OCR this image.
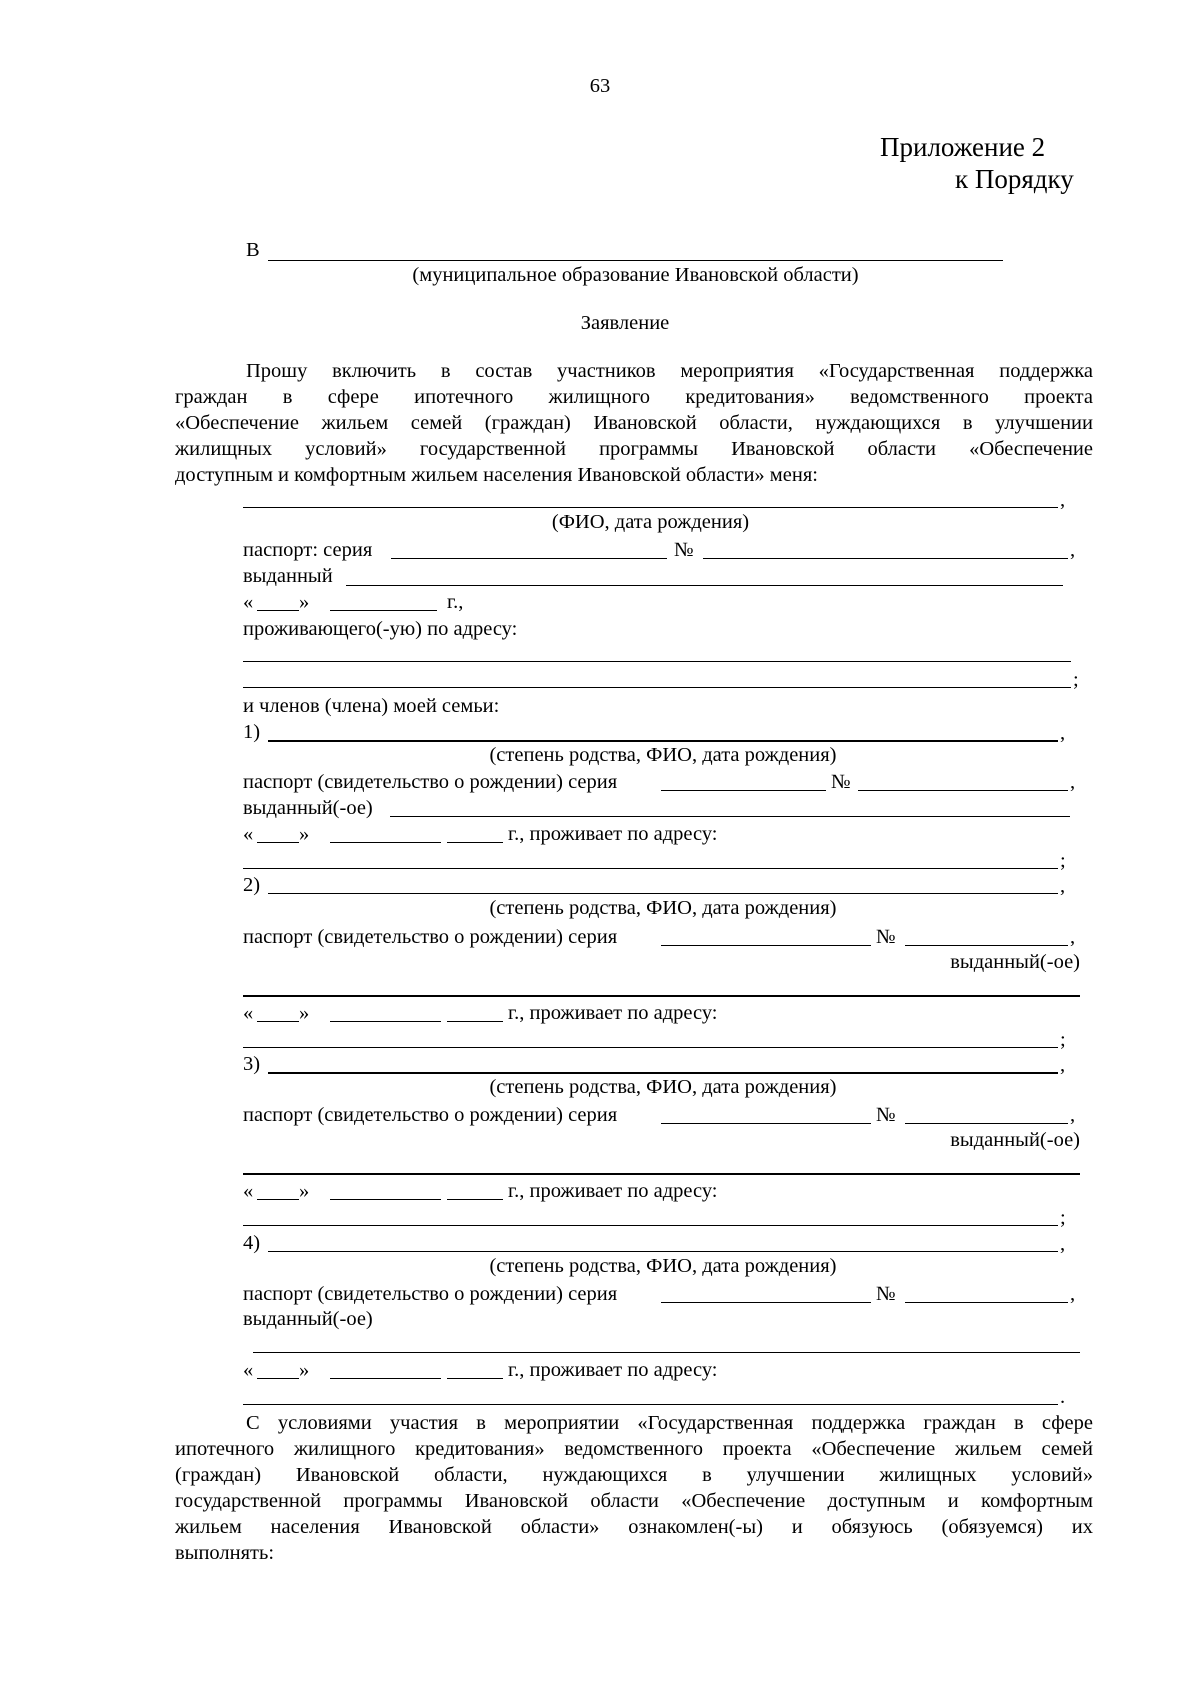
63
Приложение 2
к Порядку
В
(муниципальное образование Ивановской области)
Заявление
Прошу включить в состав участников мероприятия «Государственная поддержка
граждан в сфере ипотечного жилищного кредитования» ведомственного проекта
«Обеспечение жильем семей (граждан) Ивановской области, нуждающихся в улучшении
жилищных условий» государственной программы Ивановской области «Обеспечение
доступным и комфортным жильем населения Ивановской области» меня:
,
(ФИО, дата рождения)
паспорт: серия	№	,
выданный
« »	г.,
проживающего(-ую) по адресу:
;
и членов (члена) моей семьи:
1)	,
(степень родства, ФИО, дата рождения)
паспорт (свидетельство о рождении) серия	№	,
выданный(-ое)
« »	г., проживает по адресу:
;
2)	,
(степень родства, ФИО, дата рождения)
паспорт (свидетельство о рождении) серия	№	,
выданный(-ое)
« »	г., проживает по адресу:
;
3)	,
(степень родства, ФИО, дата рождения)
паспорт (свидетельство о рождении) серия	№	,
выданный(-ое)
« »	г., проживает по адресу:
;
4)	,
(степень родства, ФИО, дата рождения)
паспорт (свидетельство о рождении) серия	№	,
выданный(-ое)
« »	г., проживает по адресу:
.
С условиями участия в мероприятии «Государственная поддержка граждан в сфере
ипотечного жилищного кредитования» ведомственного проекта «Обеспечение жильем семей
(граждан) Ивановской области, нуждающихся в улучшении жилищных условий»
государственной программы Ивановской области «Обеспечение доступным и комфортным
жильем населения Ивановской области» ознакомлен(-ы) и обязуюсь (обязуемся) их
выполнять:
